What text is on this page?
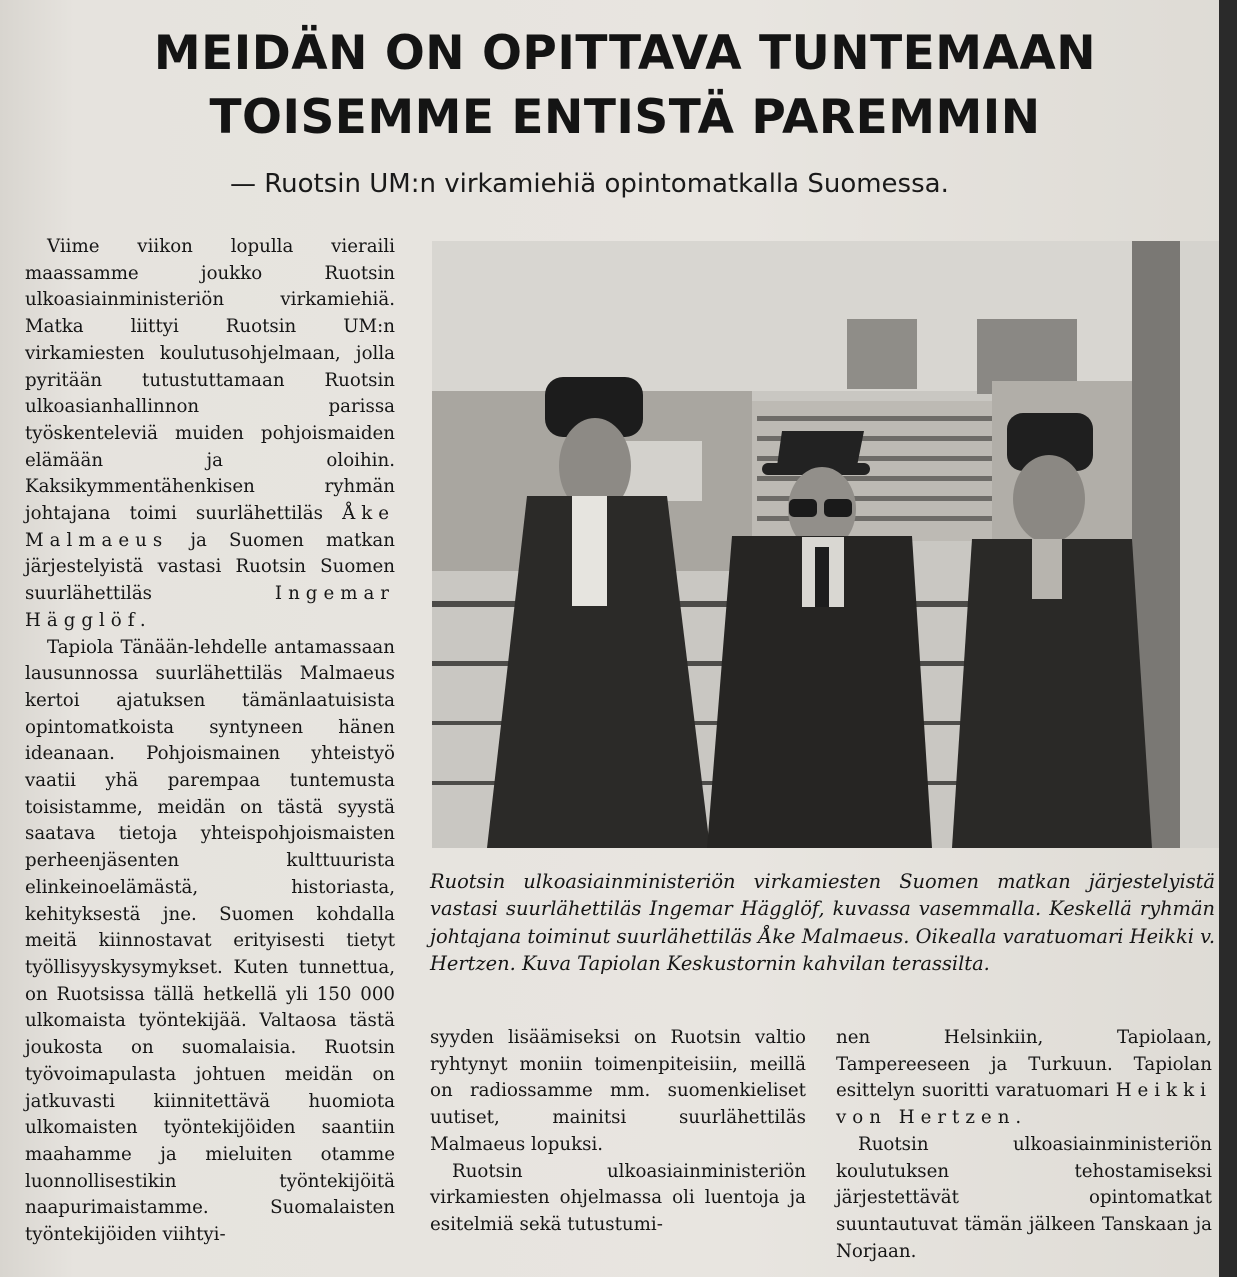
MEIDÄN ON OPITTAVA TUNTEMAAN TOISEMME ENTISTÄ PAREMMIN
— Ruotsin UM:n virkamiehiä opintomatkalla Suomessa.

Viime viikon lopulla vieraili maassamme joukko Ruotsin ulkoasiainministeriön virkamiehiä. Matka liittyi Ruotsin UM:n virkamiesten koulutusohjelmaan, jolla pyritään tutustuttamaan Ruotsin ulkoasianhallinnon parissa työskenteleviä muiden pohjoismaiden elämään ja oloihin. Kaksikymmentähenkisen ryhmän johtajana toimi suurlähettiläs Åke Malmaeus ja Suomen matkan järjestelyistä vastasi Ruotsin Suomen suurlähettiläs	Ingemar Hägglöf.

Tapiola Tänään-lehdelle antamassaan lausunnossa suurlähettiläs Malmaeus kertoi ajatuksen tämänlaatuisista opintomatkoista syntyneen hänen ideanaan. Pohjoismainen yhteistyö vaatii yhä parempaa tuntemusta toisistamme, meidän on tästä syystä saatava tietoja yhteispohjoismaisten perheenjäsenten kulttuurista elinkeinoelämästä, historiasta, kehityksestä jne. Suomen kohdalla meitä kiinnostavat erityisesti tietyt työllisyyskysymykset. Kuten tunnettua, on Ruotsissa tällä hetkellä yli 150 000 ulkomaista työntekijää. Valtaosa tästä joukosta on suomalaisia. Ruotsin työvoimapulasta johtuen meidän on jatkuvasti kiinnitettävä huomiota ulkomaisten työntekijöiden saantiin maahamme ja mieluiten otamme luonnollisestikin työntekijöitä naapurimaistamme. Suomalaisten työntekijöiden viihtyi-

Ruotsin ulkoasiainministeriön virkamiesten Suomen matkan järjestelyistä vastasi suurlähettiläs Ingemar Hägglöf, kuvassa vasemmalla. Keskellä ryhmän johtajana toiminut suurlähettiläs Åke Malmaeus. Oikealla varatuomari Heikki v. Hertzen. Kuva Tapiolan Keskustornin kahvilan terassilta.

syyden lisäämiseksi on Ruotsin valtio ryhtynyt moniin toimenpiteisiin, meillä on radiossamme mm. suomenkieliset uutiset, mainitsi suurlähettiläs Malmaeus lopuksi.

Ruotsin ulkoasiainministeriön virkamiesten ohjelmassa oli luentoja ja esitelmiä sekä tutustumi-

nen Helsinkiin, Tapiolaan, Tampereeseen ja Turkuun. Tapiolan esittelyn suoritti varatuomari Heikki von Hertzen.

Ruotsin ulkoasiainministeriön koulutuksen tehostamiseksi järjestettävät opintomatkat suuntautuvat tämän jälkeen Tanskaan ja Norjaan.
